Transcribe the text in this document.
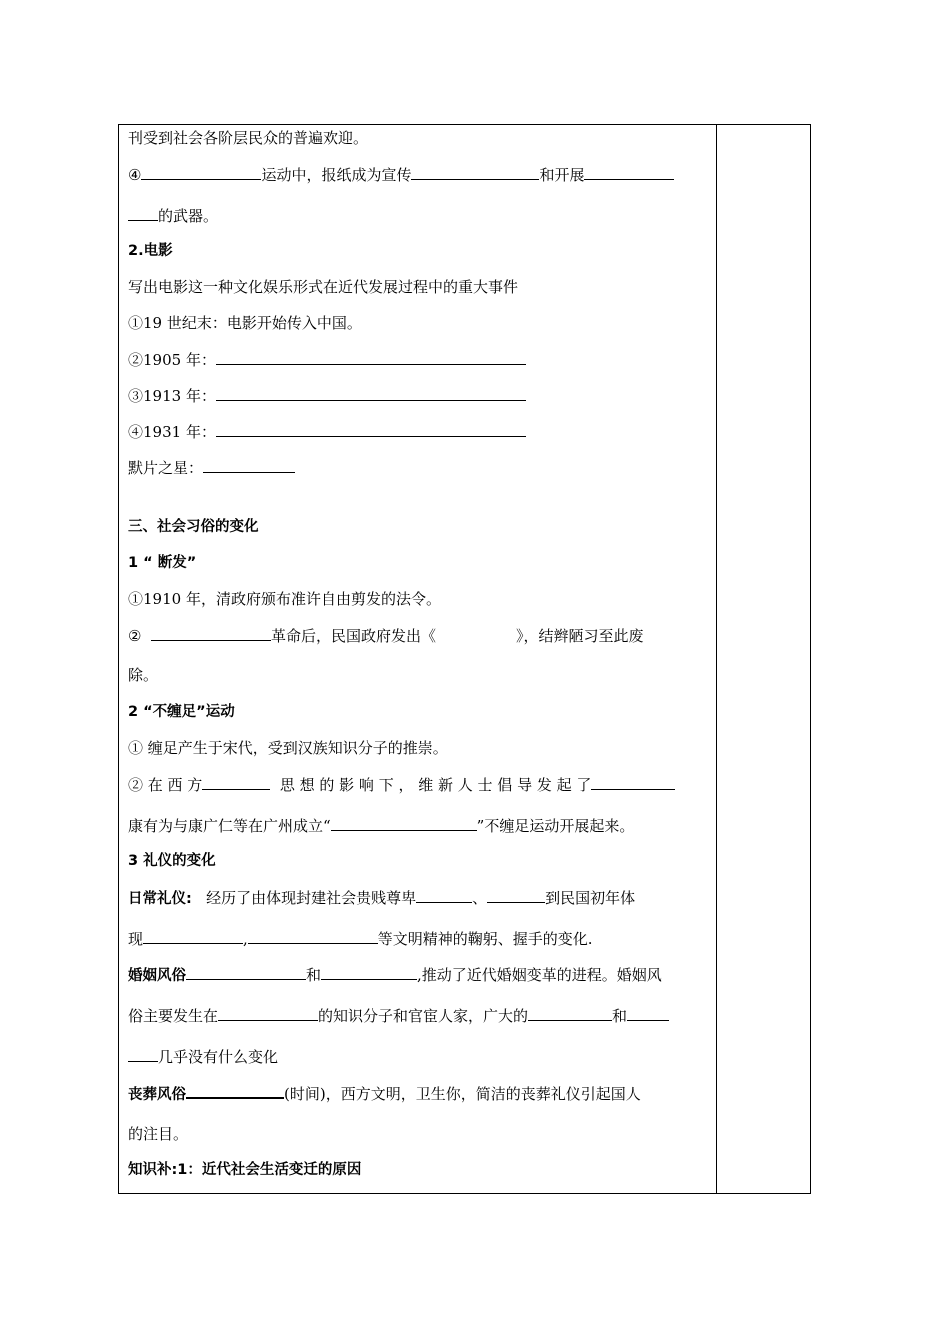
刊受到社会各阶层民众的普遍欢迎。
④	运动中，报纸成为宣传	和开展
的武器。
2.电影
写出电影这一种文化娱乐形式在近代发展过程中的重大事件
①19 世纪末：电影开始传入中国。
②1905 年：
③1913 年：
④1931 年：
默片之星：
三、社会习俗的变化
1 “ 断发”
①1910 年，清政府颁布准许自由剪发的法令。
②	革命后，民国政府发出《	》，结辫陋习至此废
除。
2 “不缠足”运动
① 缠足产生于宋代，受到汉族知识分子的推崇。
② 在 西 方	思 想 的 影 响 下 ， 维 新 人 士 倡 导 发 起 了
康有为与康广仁等在广州成立“	”不缠足运动开展起来。
3 礼仪的变化
日常礼仪: 经历了由体现封建社会贵贱尊卑	、	到民国初年体
现	,	等文明精神的鞠躬、握手的变化.
婚姻风俗	和	,推动了近代婚姻变革的进程。婚姻风
俗主要发生在	的知识分子和官宦人家，广大的	和
几乎没有什么变化
丧葬风俗	(时间)，西方文明，卫生你，简洁的丧葬礼仪引起国人
的注目。
知识补:1：近代社会生活变迁的原因
